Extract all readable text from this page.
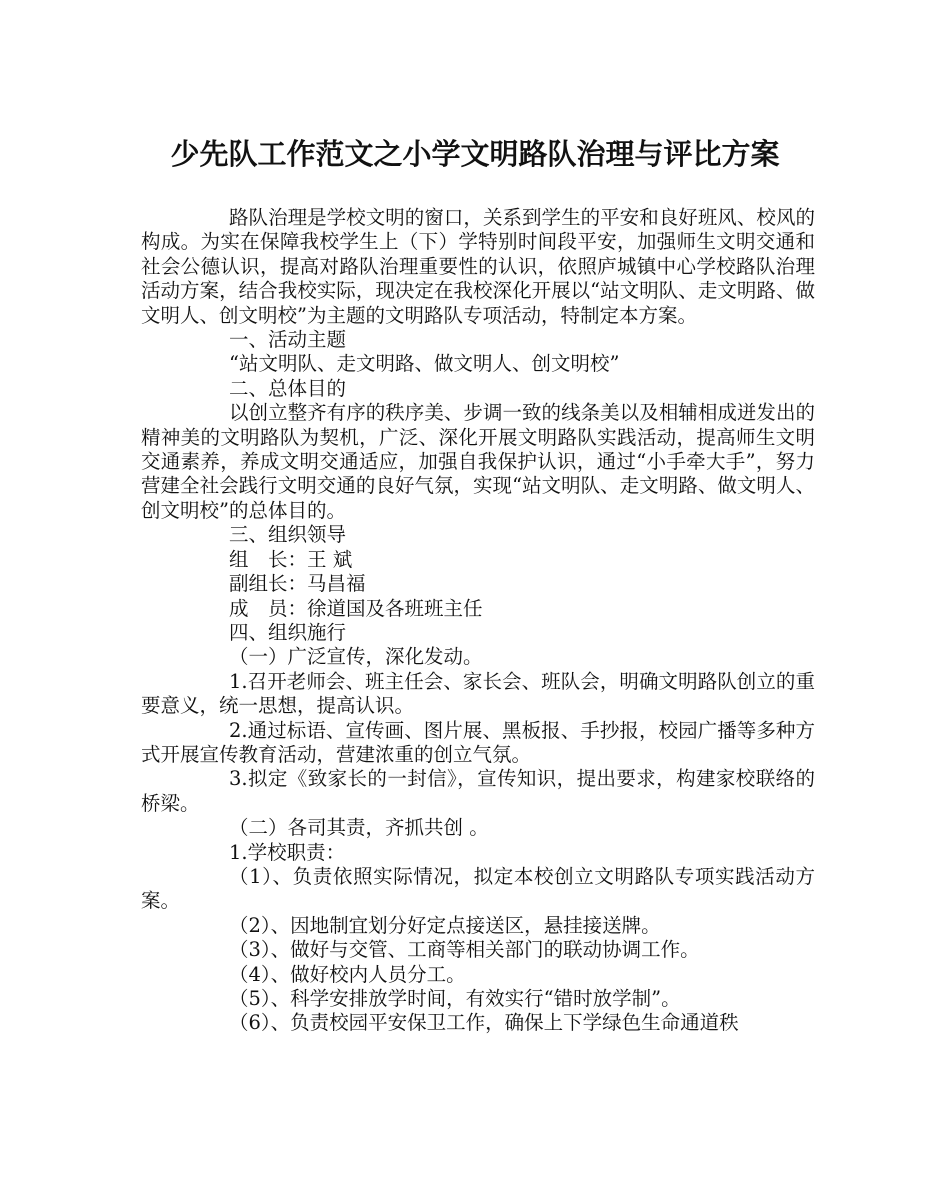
少先队工作范文之小学文明路队治理与评比方案

路队治理是学校文明的窗口，关系到学生的平安和良好班风、校风的构成。为实在保障我校学生上（下）学特别时间段平安，加强师生文明交通和社会公德认识，提高对路队治理重要性的认识，依照庐城镇中心学校路队治理活动方案，结合我校实际，现决定在我校深化开展以“站文明队、走文明路、做文明人、创文明校”为主题的文明路队专项活动，特制定本方案。

一、活动主题

“站文明队、走文明路、做文明人、创文明校”

二、总体目的

以创立整齐有序的秩序美、步调一致的线条美以及相辅相成迸发出的精神美的文明路队为契机，广泛、深化开展文明路队实践活动，提高师生文明交通素养，养成文明交通适应，加强自我保护认识，通过“小手牵大手”，努力营建全社会践行文明交通的良好气氛，实现“站文明队、走文明路、做文明人、创文明校”的总体目的。

三、组织领导

组　长：王 斌

副组长：马昌福

成　员：徐道国及各班班主任

四、组织施行

（一）广泛宣传，深化发动。

1.召开老师会、班主任会、家长会、班队会，明确文明路队创立的重要意义，统一思想，提高认识。

2.通过标语、宣传画、图片展、黑板报、手抄报，校园广播等多种方式开展宣传教育活动，营建浓重的创立气氛。

3.拟定《致家长的一封信》，宣传知识，提出要求，构建家校联络的桥梁。

（二）各司其责，齐抓共创 。

1.学校职责：

（1）、负责依照实际情况，拟定本校创立文明路队专项实践活动方案。

（2）、因地制宜划分好定点接送区，悬挂接送牌。

（3）、做好与交管、工商等相关部门的联动协调工作。

（4）、做好校内人员分工。

（5）、科学安排放学时间，有效实行“错时放学制”。

（6）、负责校园平安保卫工作，确保上下学绿色生命通道秩
